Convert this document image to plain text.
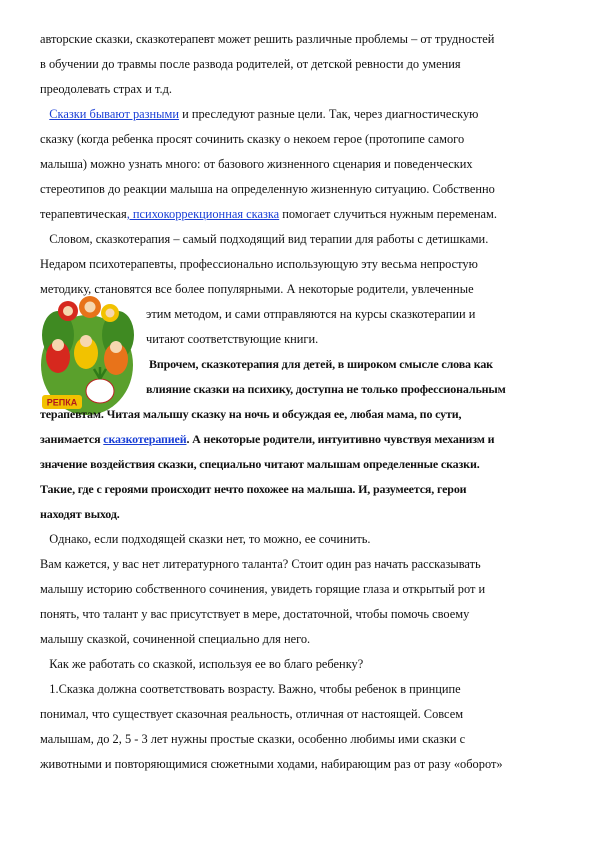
авторские сказки, сказкотерапевт может решить различные проблемы – от трудностей
в обучении до травмы после развода родителей, от детской ревности до умения
преодолевать страх и т.д.
Сказки бывают разными и преследуют разные цели. Так, через диагностическую
сказку (когда ребенка просят сочинить сказку о некоем герое (протопипе самого
малыша) можно узнать много: от базового жизненного сценария и поведенческих
стереотипов до реакции малыша на определенную жизненную ситуацию. Собственно
терапевтическая, психокоррекционная сказка помогает случиться нужным переменам.
Словом, сказкотерапия – самый подходящий вид терапии для работы с детишками.
Недаром психотерапевты, профессионально использующую эту весьма непростую
методику, становятся все более популярными. А некоторые родители, увлеченные
этим методом, и сами отправляются на курсы сказкотерапии и
читают соответствующие книги.
РЕПКА
Впрочем, сказкотерапия для детей, в широком смысле слова как
влияние сказки на психику, доступна не только профессиональным
терапевтам. Читая малышу сказку на ночь и обсуждая ее, любая мама, по сути,
занимается сказкотерапией. А некоторые родители, интуитивно чувствуя механизм и
значение воздействия сказки, специально читают малышам определенные сказки.
Такие, где с героями происходит нечто похожее на малыша. И, разумеется, герои
находят выход.
Однако, если подходящей сказки нет, то можно, ее сочинить.
Вам кажется, у вас нет литературного таланта? Стоит один раз начать рассказывать
малышу историю собственного сочинения, увидеть горящие глаза и открытый рот и
понять, что талант у вас присутствует в мере, достаточной, чтобы помочь своему
малышу сказкой, сочиненной специально для него.
Как же работать со сказкой, используя ее во благо ребенку?
1.Сказка должна соответствовать возрасту. Важно, чтобы ребенок в принципе
понимал, что существует сказочная реальность, отличная от настоящей. Совсем
малышам, до 2, 5 - 3 лет нужны простые сказки, особенно любимы ими сказки с
животными и повторяющимися сюжетными ходами, набирающим раз от разу «оборот»
